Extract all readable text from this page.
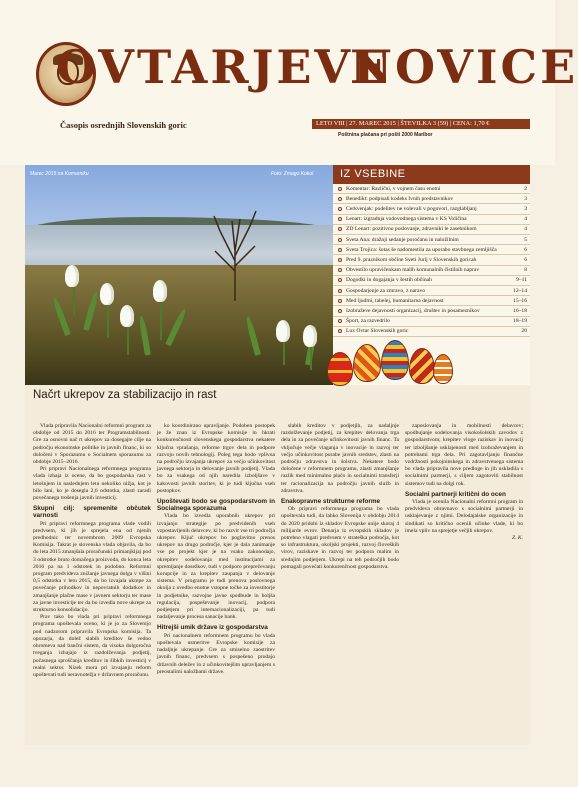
OVTARJEVE
NOVICE
Časopis osrednjih Slovenskih goric	LETO VIII | 27. MAREC 2015 | ŠTEVILKA 3 (59) | CENA: 1,70 €
Poštnina plačana pri pošti 2000 Maribor
Marec 2015 na Komarniku	Foto: Zmago Kokol IZ VSEBINE
Komentar: Različni, v vojnem času enotni	2
Benedikt: podpisali kodeks Ivnih predstavnikov	3
Cerkvenjak: podelitev ne volevali v pogovori, razglabljanj	3
Lenart: izgradnja vodovodnega sistema v KS Voličina	4
ZD Lenart: pozitivno poslovanje, zdravniki le zasebnikom	4
Sveta Ana: dražnji sedanje poročanu in naložilnim	5
Sveta Trojica: šotas še nadomestila za uporabo stavbnega zemljišča	6
Pred 9. praznikom občine Sveti Jurij v Slovenskih goricah	6
Obvestilo upravičenkam malih komunalnih čistilnih naprav	8
Dogodki in dogajanja v šestih občinah	9–11
Gospodarjenje za zmravo, z naravo	12–14
Med ljudmi, tabelej, humanitarna dejavnost	15–16
Izobraževe dejavnosti organizacij, društev in posameznikov	16–18
Šport, za razvedrilo	18–19
Lux Ovtar Slovenskih goric	20
Načrt ukrepov za stabilizacijo in rast

Vlada pripravila Nacionalni reformni program za obdobje od 2015 do 2016 ter Programstabilnosti. Gre za osnovni nač rt ukrepov za dosegajte cilje na področju ekonomske politike in javnih financ, ki so določeni v Sporazumu o Socialnem sporazumu za obdobje 2015–2016.

Pri pripravi Nacionalnega reformnega programa vlada izhaja iz ocene, da bo gospodarska rast v letošnjem in naslednjem letu nekoliko nižja, kot je bilo lani, ko je dosegla 2,6 odstotka, zlasti zaradi povečanega trošenja javnih investicij.

Skupni cilj: spremenite občutek varnosti

Pri pripravi reformnega programa vlade vodili predvsem, ki jih je sprejela ena od njenih predhodnic ter novembrom 2009 Evropska Komisija. Takrat je slovenska vlada objavila, da bo do leta 2015 zmanjšala proračunski primanjkljaj pod 3 odstotke bruto domačega proizvoda, do konca leta 2016 pa na 1 odstotek in podobno. Reformni program predvideva znižanje javnega dolga v višini 0,5 odstotka v letu 2015, da bo izvajala ukrepe za povečanje prihodkov in nepovratnih dodatkov in zmanjšanje plačne mase v javnem sektorju ter mase za javne investicije ter da bo izvedla nove ukrepe za strukturno konsolidacijo.

Prav tako bo vlada pri pripravi reformnega programa upoštevala oceno, ki je jo za Slovenijo pod nadzorom pripravila Evropska komisija. Ta opozarja, da dolež slabih kreditov še vedno ohromeva nad bančni sistem, da visoka dolgoročna tveganja izhajajo iz razdolževanja podjetij, počasnega sproščanja kreditov in šibkih investicij v realni sektor. Nizek mora pri izvajanju reform upoštevati tudi neravnotežja v državnem proračunu.

ko koordinirano upravljanje. Podoben postopek je že znan iz Evropske komisije in hkrati konkurenčnosti slovenskega gospodarstva nekatere ključna vprašanja, reforme trgov dela in podpore razvoju novih tehnologij. Poleg tega bodo vplivna na področju izvajanja ukrepov za večjo učinkovitost javnega sektorja in delovanje javnih podjetij. Vlada bo za vsakega od njih naredila izboljšave v kakovosti javnih storitev, ki je tudi ključna vseh postopkov.

Upoštevati bodo se gospodarstvom in Socialnega sporazuma

Vlada bo izvedla uporabnih ukrepov pri izvajanju strategije po predvidenih vseh vzpostavljenih delavcev, ki bo razvit vse tri področja ukrepov. Ključ ukrepov bo poglavitno prenos ukrepov na drugo področje, kjer je dala zanimanje vse po projekt kjer je na vsako zakonodajo, okrepitev sodelovanja med institucijami za spremljanje dosežkov, tudi v podporo preprečevanju korupcije in za krepitev zaupanja v delovanje sistema. V programu je tudi prenova poslovnega okolja z uvedbo enotne vstopne točke za investitorje in podjetnike, razvojne javne spodbude in boljša regulacija, pospeševanje inovacij, podpora podjetjem pri internacionalizaciji, pa tudi nadaljevanje procesa sanacije bank.

Hitrejši umik države iz gospodarstva

Pri nacionalnem reformnem programu bo vlada upoštevala usmeritve Evropske komisije za nadaljnje ukrepanje. Gre za smiselno zaostritev javnih financ, predvsem s pospešeno prodajo državnih deležev in z učinkovitejšim upravljanjem s preostalimi naložbami države.

slabih kreditov v podjetjih, za nadaljnje razdolževanje podjetij, za krepitev delovanja trga dela in za povečanje učinkovitosti javnih financ. Ta vključuje večje vlaganja v inovacije in razvoj ter večjo učinkovitost porabe javnih sredstev, zlasti na področju zdravstva in šolstva. Nekatere bodo določene v reformnem programu, zlasti zmanjšanje razlik med minimalno plačo in socialnimi transferji ter racionalizacija na področju javnih služb in zdravstva.

Enakopravne strukturne reforme

Ob pripravi reformnega programa bo vlada upoštevala tudi, da lahko Slovenija v obdobju 2014 do 2020 pridobi iz skladov Evropske unije skoraj 4 milijarde evrov. Denarja iz evropskih skladov je potrebno vlagati predvsem v strateška področja, kot so infrastruktura, okoljski projekti, razvoj človeških virov, raziskave in razvoj ter podpora malim in srednjim podjetjem. Ukrepi na teh področjih bodo pomagali povečati konkurenčnost gospodarstva.

zaposlovanja in mobilnosti delavcev; spodbujanje sodelovanja visokošolskih zavodov z gospodarstvom; krepitev vloge raziskav in inovacij ter izboljšanje usklajenosti med izobraževanjem in potrebami trga dela. Pri zagotavljanju finančne vzdržnosti pokojninskega in zdravstvenega sistema bo vlada pripravila nove predloge in jih uskladila s socialnimi partnerji, s ciljem zagotoviti stabilnost sistemov tudi na dolgi rok.

Socialni partnerji kritični do ocen

Vlada je ocenila Nacionalni reformni program in predvideva obravnavo s socialnimi partnerji in usklajevanje z njimi. Delodajalske organizacije in sindikati so kritično ocenili učinke vlade, ki bo imela vpliv na sprejetje večjih ukrepov.

Z. K.
